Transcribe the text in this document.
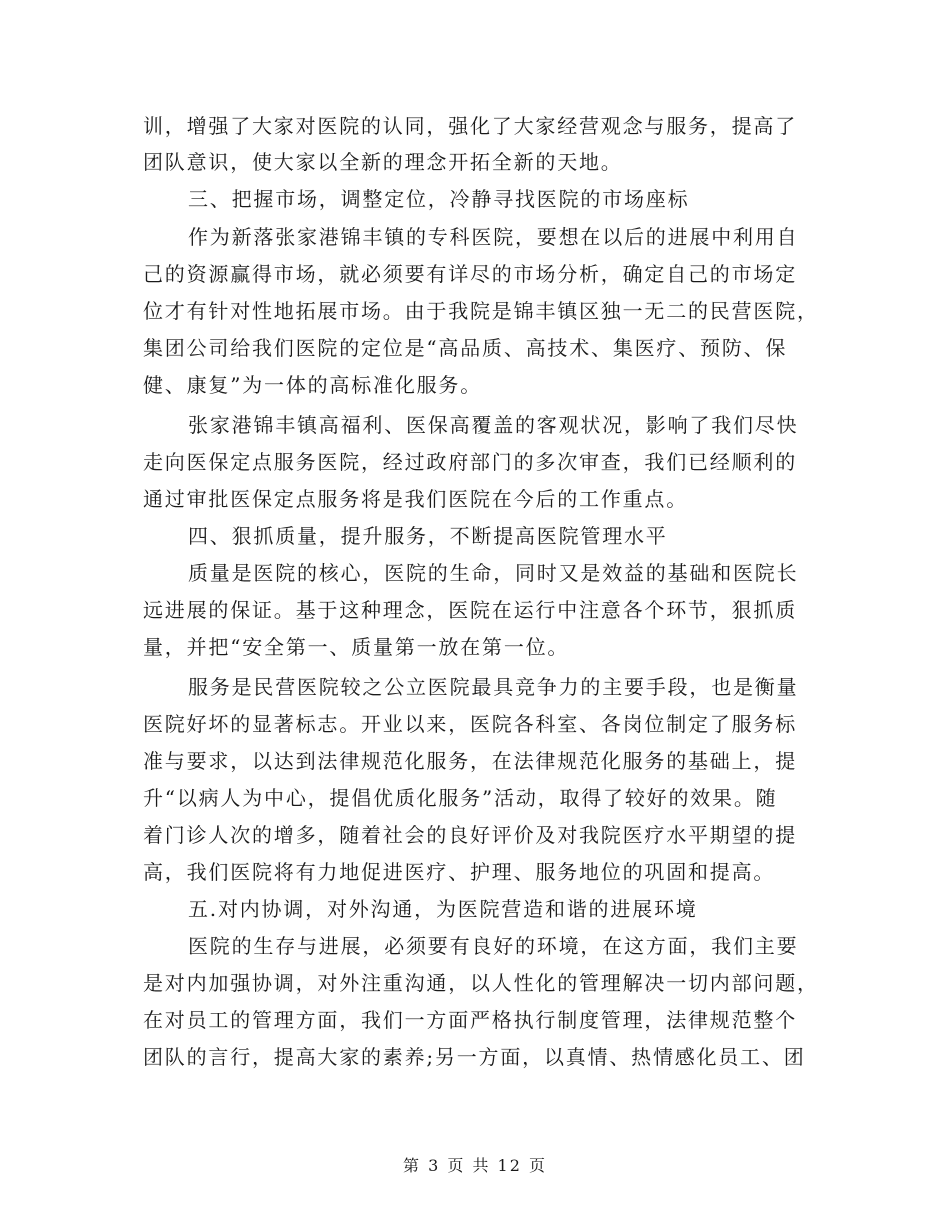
训，增强了大家对医院的认同，强化了大家经营观念与服务，提高了
团队意识，使大家以全新的理念开拓全新的天地。
三、把握市场，调整定位，冷静寻找医院的市场座标
作为新落张家港锦丰镇的专科医院，要想在以后的进展中利用自
己的资源赢得市场，就必须要有详尽的市场分析，确定自己的市场定
位才有针对性地拓展市场。由于我院是锦丰镇区独一无二的民营医院，
集团公司给我们医院的定位是“高品质、高技术、集医疗、预防、保
健、康复”为一体的高标准化服务。
张家港锦丰镇高福利、医保高覆盖的客观状况，影响了我们尽快
走向医保定点服务医院，经过政府部门的多次审查，我们已经顺利的
通过审批医保定点服务将是我们医院在今后的工作重点。
四、狠抓质量，提升服务，不断提高医院管理水平
质量是医院的核心，医院的生命，同时又是效益的基础和医院长
远进展的保证。基于这种理念，医院在运行中注意各个环节，狠抓质
量，并把“安全第一、质量第一放在第一位。
服务是民营医院较之公立医院最具竞争力的主要手段，也是衡量
医院好坏的显著标志。开业以来，医院各科室、各岗位制定了服务标
准与要求，以达到法律规范化服务，在法律规范化服务的基础上，提
升“以病人为中心，提倡优质化服务”活动，取得了较好的效果。随
着门诊人次的增多，随着社会的良好评价及对我院医疗水平期望的提
高，我们医院将有力地促进医疗、护理、服务地位的巩固和提高。
五.对内协调，对外沟通，为医院营造和谐的进展环境
医院的生存与进展，必须要有良好的环境，在这方面，我们主要
是对内加强协调，对外注重沟通，以人性化的管理解决一切内部问题，
在对员工的管理方面，我们一方面严格执行制度管理，法律规范整个
团队的言行，提高大家的素养;另一方面，以真情、热情感化员工、团
第 3 页 共 12 页
